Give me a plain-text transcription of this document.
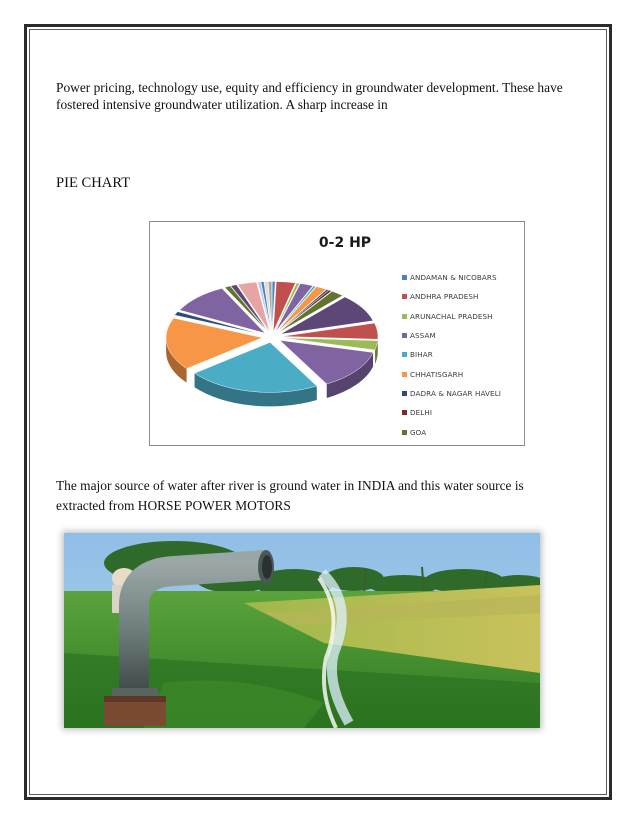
Power pricing, technology use, equity and efficiency in groundwater development. These have fostered intensive groundwater utilization. A sharp increase in

PIE CHART

0-2 HP
ANDAMAN & NICOBARS
ANDHRA PRADESH
ARUNACHAL PRADESH
ASSAM
BIHAR
CHHATISGARH
DADRA & NAGAR HAVELI
DELHI
GOA

The major source of water after river is ground water in INDIA and this water source is extracted from HORSE POWER MOTORS
